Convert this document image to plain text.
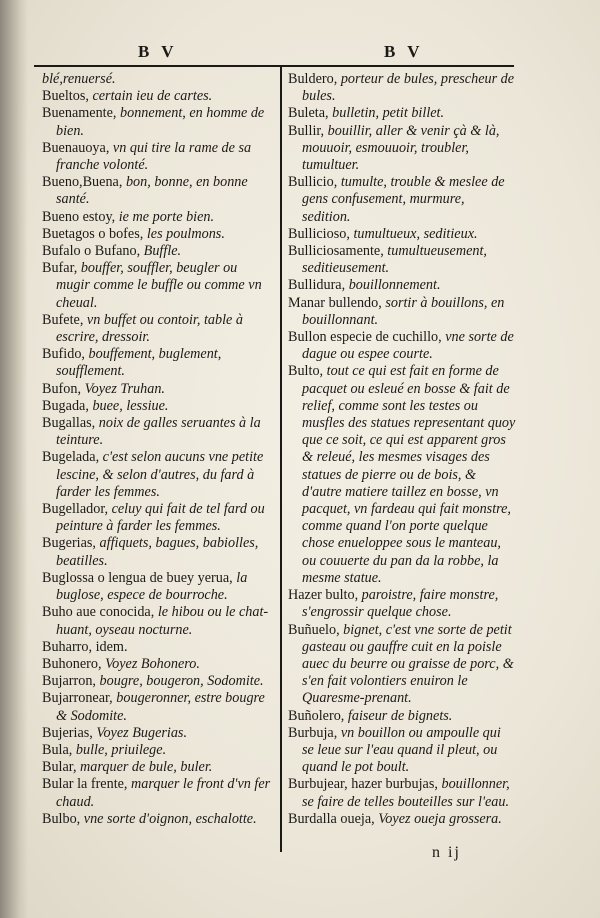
B V	B V

blé,renuersé.

Bueltos, certain ieu de cartes.

Buenamente, bonnement, en homme de bien.

Buenauoya, vn qui tire la rame de sa franche volonté.

Bueno,Buena, bon, bonne, en bonne santé.

Bueno estoy, ie me porte bien.

Buetagos o bofes, les poulmons.

Bufalo o Bufano, Buffle.

Bufar, bouffer, souffler, beugler ou mugir comme le buffle ou comme vn cheual.

Bufete, vn buffet ou contoir, table à escrire, dressoir.

Bufido, bouffement, buglement, soufflement.

Bufon, Voyez Truhan.

Bugada, buee, lessiue.

Bugallas, noix de galles seruantes à la teinture.

Bugelada, c'est selon aucuns vne petite lescine, & selon d'autres, du fard à farder les femmes.

Bugellador, celuy qui fait de tel fard ou peinture à farder les femmes.

Bugerias, affiquets, bagues, babiolles, beatilles.

Buglossa o lengua de buey yerua, la buglose, espece de bourroche.

Buho aue conocida, le hibou ou le chat-huant, oyseau nocturne.

Buharro, idem.

Buhonero, Voyez Bohonero.

Bujarron, bougre, bougeron, Sodomite.

Bujarronear, bougeronner, estre bougre & Sodomite.

Bujerias, Voyez Bugerias.

Bula, bulle, priuilege.

Bular, marquer de bule, buler.

Bular la frente, marquer le front d'vn fer chaud.

Bulbo, vne sorte d'oignon, eschalotte.

Buldero, porteur de bules, prescheur de bules.

Buleta, bulletin, petit billet.

Bullir, bouillir, aller & venir çà & là, mouuoir, esmouuoir, troubler, tumultuer.

Bullicio, tumulte, trouble & meslee de gens confusement, murmure, sedition.

Bullicioso, tumultueux, seditieux.

Bulliciosamente, tumultueusement, seditieusement.

Bullidura, bouillonnement.

Manar bullendo, sortir à bouillons, en bouillonnant.

Bullon especie de cuchillo, vne sorte de dague ou espee courte.

Bulto, tout ce qui est fait en forme de pacquet ou esleué en bosse & fait de relief, comme sont les testes ou musfles des statues representant quoy que ce soit, ce qui est apparent gros & releué, les mesmes visages des statues de pierre ou de bois, & d'autre matiere taillez en bosse, vn pacquet, vn fardeau qui fait monstre, comme quand l'on porte quelque chose enueloppee sous le manteau, ou couuerte du pan da la robbe, la mesme statue.

Hazer bulto, paroistre, faire monstre, s'engrossir quelque chose.

Buñuelo, bignet, c'est vne sorte de petit gasteau ou gauffre cuit en la poisle auec du beurre ou graisse de porc, & s'en fait volontiers enuiron le Quaresme-prenant.

Buñolero, faiseur de bignets.

Burbuja, vn bouillon ou ampoulle qui se leue sur l'eau quand il pleut, ou quand le pot boult.

Burbujear, hazer burbujas, bouillonner, se faire de telles bouteilles sur l'eau.

Burdalla oueja, Voyez oueja grossera.

n ij
